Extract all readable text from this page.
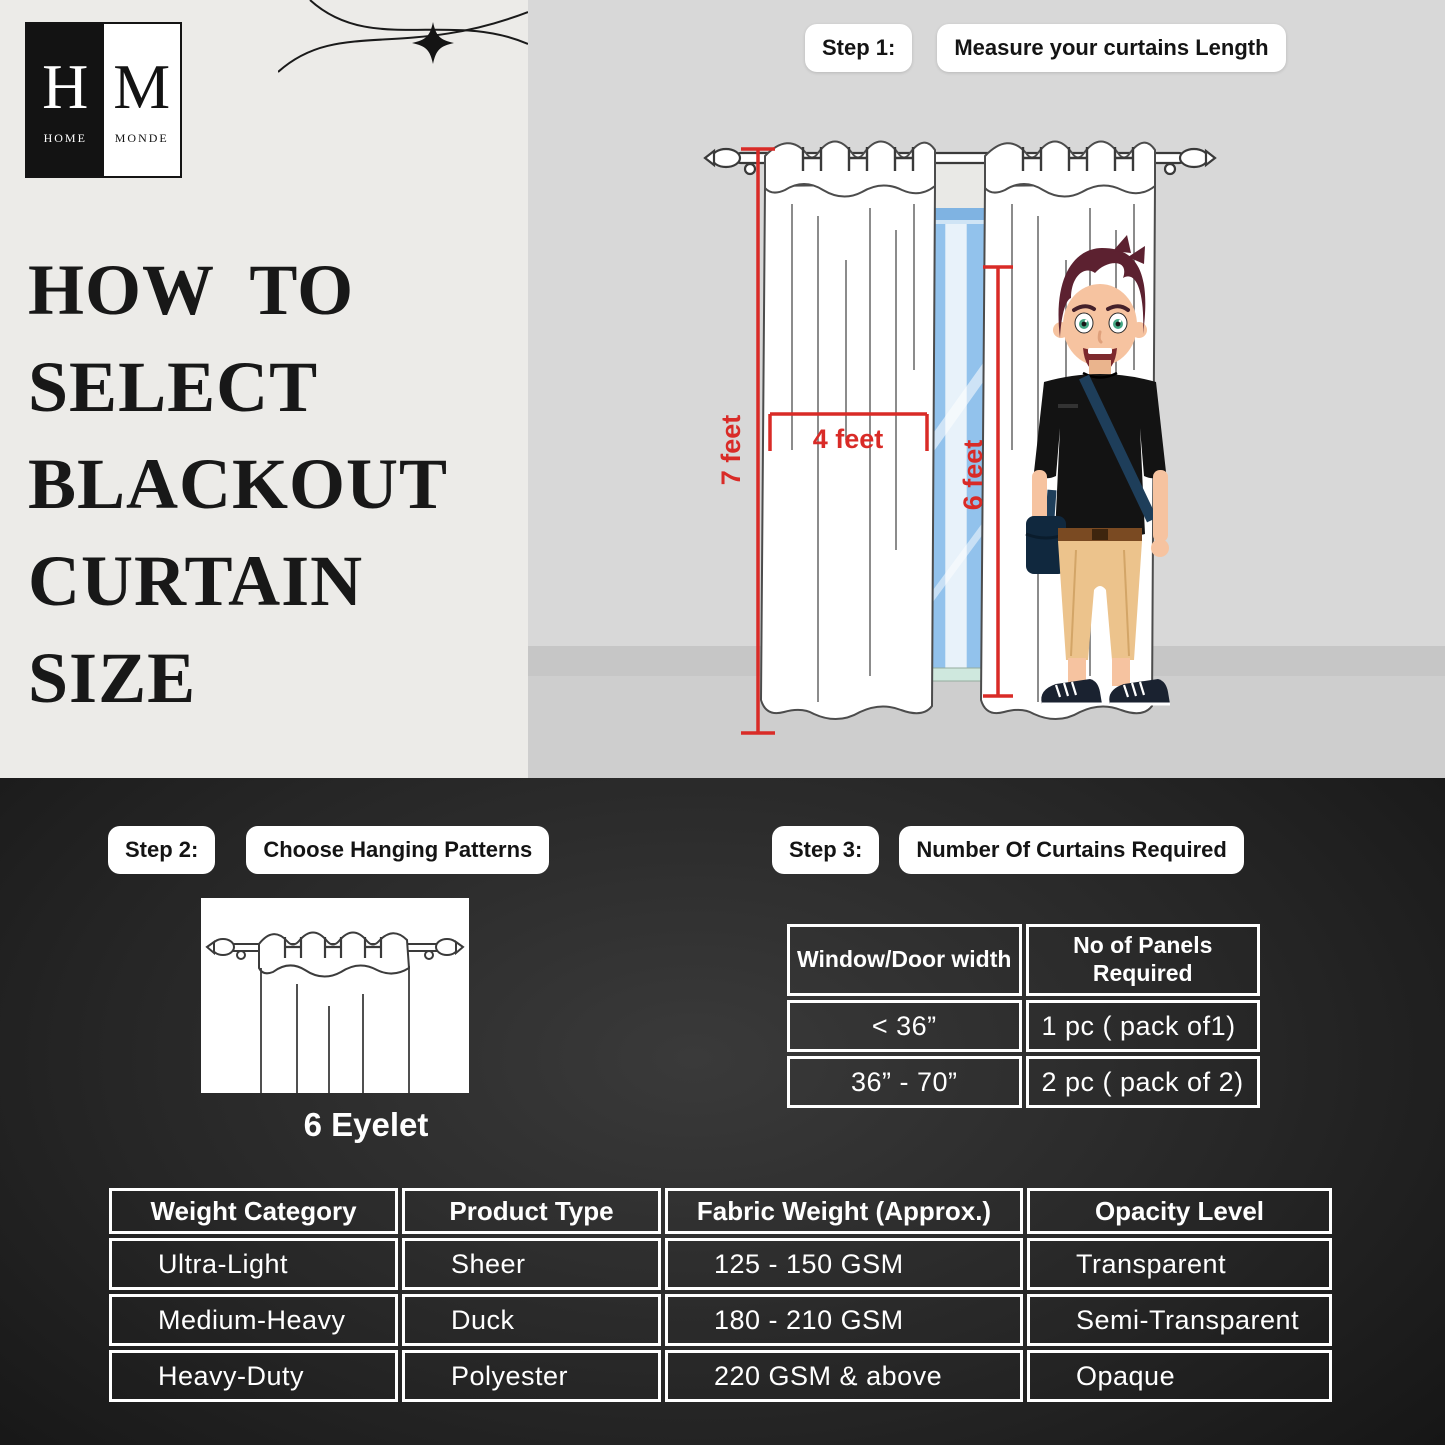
H
HOME
M
MONDE
HOW TO
SELECT
BLACKOUT
CURTAIN
SIZE
Step 1:	Measure your curtains Length
7 feet 4 feet
6 feet
Step 2:	Choose Hanging Patterns	Step 3:	Number Of Curtains Required
6 Eyelet
Window/Door width	No of Panels Required
< 36”	1 pc ( pack of1)
36” - 70”	2 pc ( pack of 2)
Weight Category	Product Type	Fabric Weight (Approx.)	Opacity Level
Ultra-Light	Sheer	125 - 150 GSM	Transparent
Medium-Heavy	Duck	180 - 210 GSM	Semi-Transparent
Heavy-Duty	Polyester	220 GSM & above	Opaque
